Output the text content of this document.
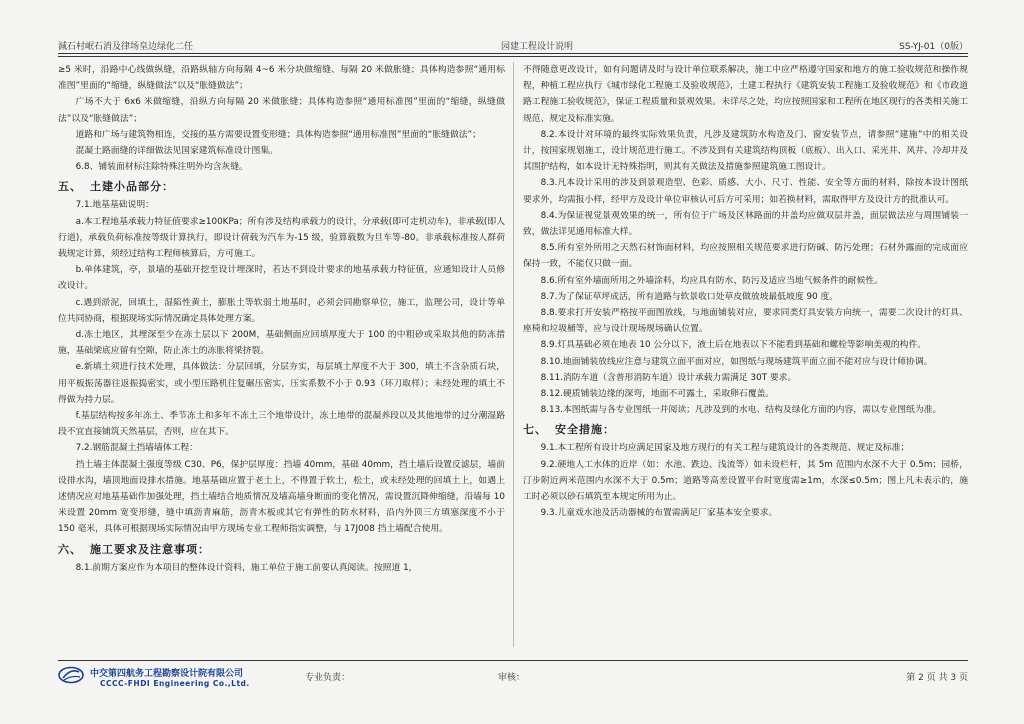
減石村岷石消及律场皇边绿化二任	园建工程设计说明	SS-YJ-01（0版）

≥5 米时，沿路中心线做纵缝，沿路纵轴方向每隔 4~6 米分块做缩缝、每隔 20 米做胀缝；具体构造参照“通用标准图”里面的“缩缝，纵缝做法”以及“胀缝做法”；

广场不大于 6x6 米做缩缝，沿纵方向每隔 20 米做胀缝；具体构造参照“通用标准图”里面的“缩缝，纵缝做法”以及“胀缝做法”；

道路和广场与建筑物相连，交接的基方需要设置变形缝；具体构造参照“通用标准图”里面的“胀缝做法”；

混凝土路面缝的详细做法见国家建筑标准设计图集。

6.8、铺装面材标注除特殊注明外均含灰缝。

五、 土建小品部分：

7.1.地基基础说明：

a.本工程地基承载力特征值要求≥100KPa；所有涉及结构承载力的设计，分承载(即可走机动车)，非承载(即人行道)，承载负荷标准按等级计算执行，即设计荷载为汽车为-15 级，验算载数为旦车等-80。非承载标准按人群荷载规定计算，须经过结构工程师核算后，方可施工。

b.单体建筑，亭，景墙的基础开挖至设计埋深时，若达不到设计要求的地基承载力特征值，应通知设计人员修改设计。

c.遇到淤泥，回填土，湿陷性黄土，膨胀土等软弱土地基时，必须会同勘察单位，施工，监理公司，设计等单位共同协商，根据现场实际情况确定具体处理方案。

d.冻土地区，其埋深至少在冻土层以下 200M，基础侧面应回填厚度大于 100 的中粗砂或采取其他的防冻措施，基础梁底应留有空隙，防止冻土的冻胀将梁挤裂。

e.新填土须进行技术处理，具体做法：分层回填，分层夯实，每层填土厚度不大于 300，填土不含杂质石块，用平板振荡器往返振捣密实，或小型压路机往复碾压密实，压实系数不小于 0.93（环刀取样）；未经处理的填土不得做为持力层。

f.基层结构按多年冻土、季节冻土和多年不冻土三个地带设计，冻土地带的混凝养段以及其他地带的过分潮湿路段不宜直接铺筑天然基层，否则，应在其下。

7.2.钢筋混凝土挡墙墙体工程：

挡土墙主体混凝土强度等级 C30、P6，保护层厚度：挡墙 40mm，基础 40mm，挡土墙后设置反滤层，墙前设排水沟，墙顶地面设排水措施。地基基础应置于老土上，不得置于软土，松土，或未经处理的回填土上，如遇上述情况应对地基基础作加强处理，挡土墙结合地质情况及墙高墙身断面的变化情况，需设置沉降伸缩缝，沿墙每 10 米设置 20mm 宽变形缝，缝中填沥青麻筋，沥青木板或其它有弹性的防水材料，沿内外顶三方填塞深度不小于 150 毫米，具体可根据现场实际情况由甲方现场专业工程师指实调整，与 17J008 挡土墙配合使用。

六、 施工要求及注意事项：

8.1.前期方案应作为本项目的整体设计资料，施工单位于施工前要认真阅读。按照道 1，

不得随意更改设计，如有问题请及时与设计单位联系解决，施工中应严格遵守国家和地方的施工验收规范和操作规程，种植工程应执行《城市绿化工程施工及验收规范》，土建工程执行《建筑安装工程施工及验收规范》和《市政道路工程施工验收规范》，保证工程质量和景观效果。未详尽之处，均应按照国家和工程所在地区现行的各类相关施工规范、规定及标准实施。

8.2.本设计对环境的最终实际效果负责，凡涉及建筑防水构造及门、窗安装节点，请参照“建施”中的相关设计，按国家规划施工，设计规范进行施工。不涉及到有关建筑结构顶板（底板）、出入口、采光井、风井、冷却井及其围护结构，如本设计无特殊指明，则其有关做法及措施参照建筑施工图设计。

8.3.凡本设计采用的涉及到景观造型、色彩、质感、大小、尺寸、性能、安全等方面的材料，除按本设计图纸要求外，均需报小样，经甲方及设计单位审核认可后方可采用；如若换材料，需取得甲方及设计方的批准认可。

8.4.为保证视觉景观效果的统一，所有位于广场及区林路面的井盖均应做双层井盖，面层做法应与周围铺装一致，做法详见通用标准大样。

8.5.所有室外所用之天然石材饰面材料，均应按照相关规范要求进行防碱、防污处理；石材外露面的完成面应保持一致，不能仅只做一面。

8.6.所有室外墙面所用之外墙涂料，均应具有防水、防污及适应当地气候条件的耐候性。

8.7.为了保证草坪成活，所有道路与软景收口处草皮做放坡最低坡度 90 度。

8.8.要求打开安装严格按平面图放线，与地面铺装对应，要求同类灯具安装方向统一，需要二次设计的灯具、座椅和垃圾桶等，应与设计现场规场确认位置。

8.9.灯具基础必须在地表 10 公分以下，液土后在地表以下不能看到基础和螺栓等影响美观的构件。

8.10.地面铺装放线应注意与建筑立面平面对应，如图纸与现场建筑平面立面不能对应与设计师协调。

8.11.消防车道（含普形消防车道）设计承载力需满足 30T 要求。

8.12.硬质铺装边缘的深弯，地面不可露土，采取卵石覆盖。

8.13.本图纸需与各专业图纸一并阅读；凡涉及到的水电、结构及绿化方面的内容，需以专业图纸为准。

七、 安全措施：

9.1.本工程所有设计均应满足国家及地方现行的有关工程与建筑设计的各类规范、规定及标准；

9.2.硬地人工水体的近岸（如：水池、跌边、浅流等）如未设栏杆，其 5m 范围内水深不大于 0.5m；园桥，汀步附近两米范围内水深不大于 0.5m；道路等高差设置平台时宽度需≥1m，水深≤0.5m；图上凡未表示的，施工时必须以砂石填筑至本规定所用为止。

9.3.儿童戏水池及活动器械的布置需满足厂家基本安全要求。

中交第四航务工程勘察设计院有限公司
CCCC-FHDI Engineering Co.,Ltd.
专业负责：	审核：	第 2 页 共 3 页
